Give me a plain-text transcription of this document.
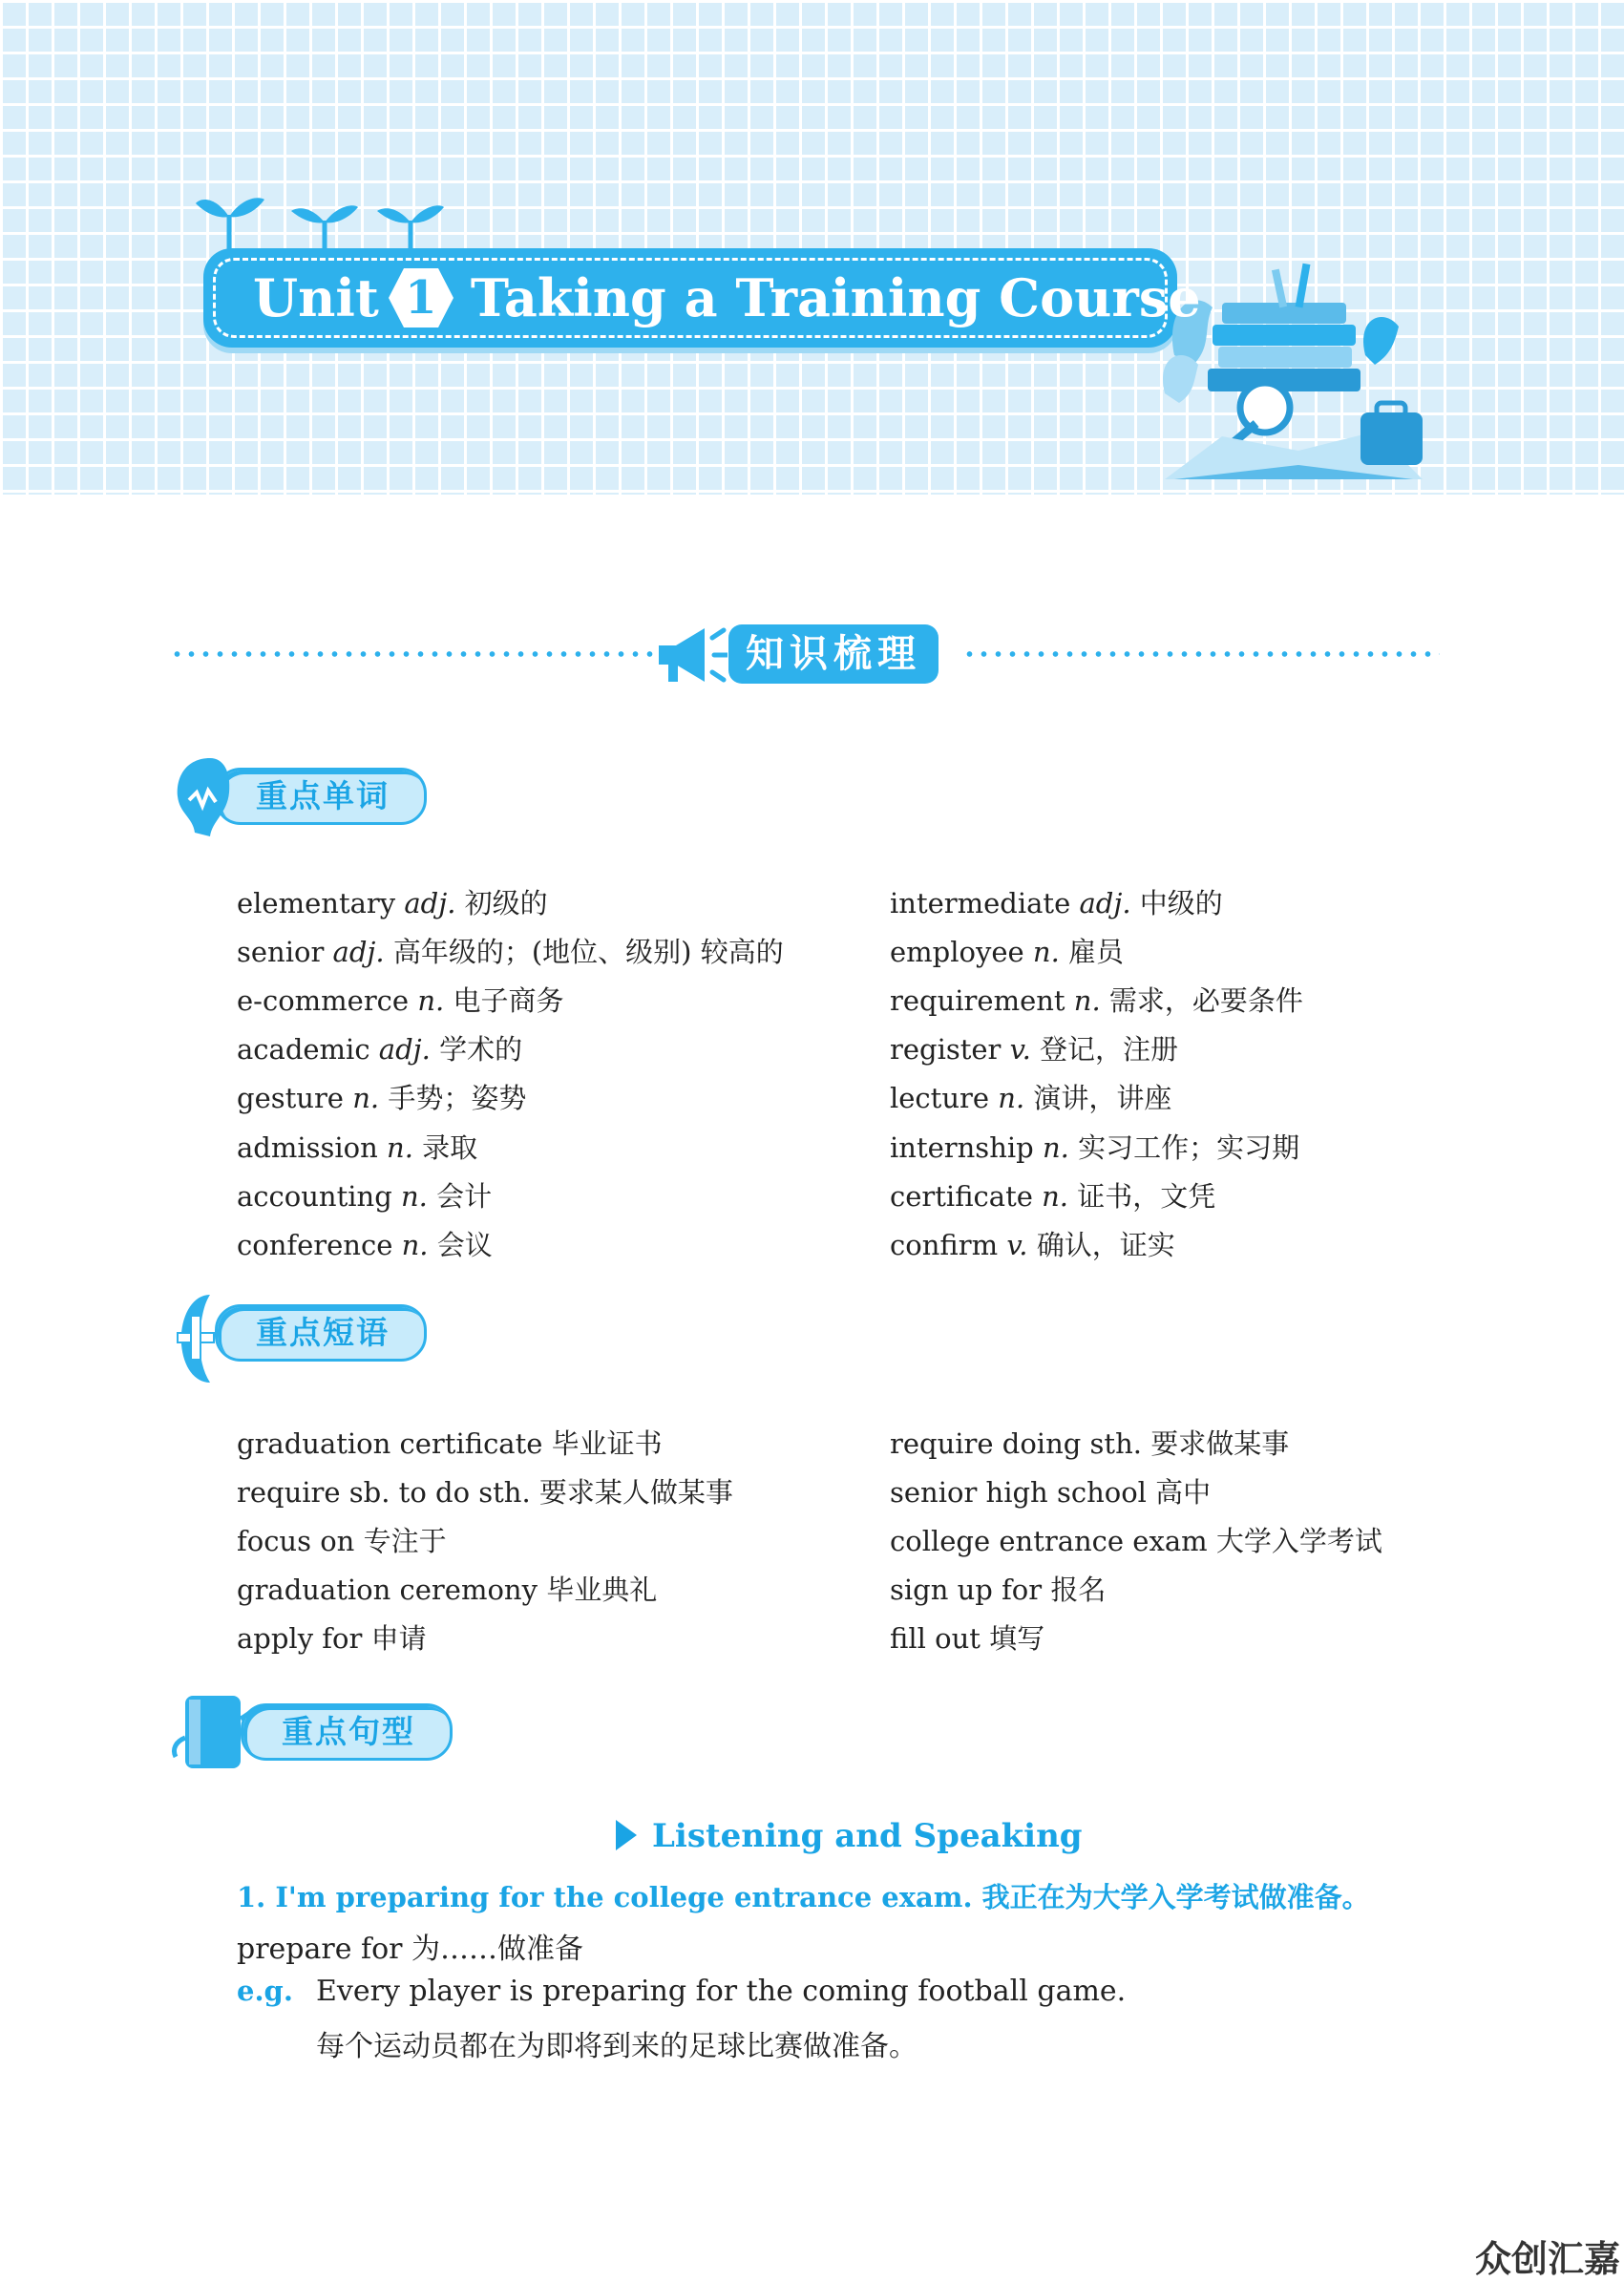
Unit 1 Taking a Training Course
知识梳理
重点单词
elementary adj. 初级的
senior adj. 高年级的；(地位、级别) 较高的
e-commerce n. 电子商务
academic adj. 学术的
gesture n. 手势；姿势
admission n. 录取
accounting n. 会计
conference n. 会议
intermediate adj. 中级的
employee n. 雇员
requirement n. 需求，必要条件
register v. 登记，注册
lecture n. 演讲，讲座
internship n. 实习工作；实习期
certificate n. 证书，文凭
confirm v. 确认，证实
重点短语
graduation certificate 毕业证书
require sb. to do sth. 要求某人做某事
focus on 专注于
graduation ceremony 毕业典礼
apply for 申请
require doing sth. 要求做某事
senior high school 高中
college entrance exam 大学入学考试
sign up for 报名
fill out 填写
重点句型
Listening and Speaking
1. I'm preparing for the college entrance exam. 我正在为大学入学考试做准备。
prepare for 为……做准备
e.g. Every player is preparing for the coming football game.
每个运动员都在为即将到来的足球比赛做准备。
众创汇嘉
